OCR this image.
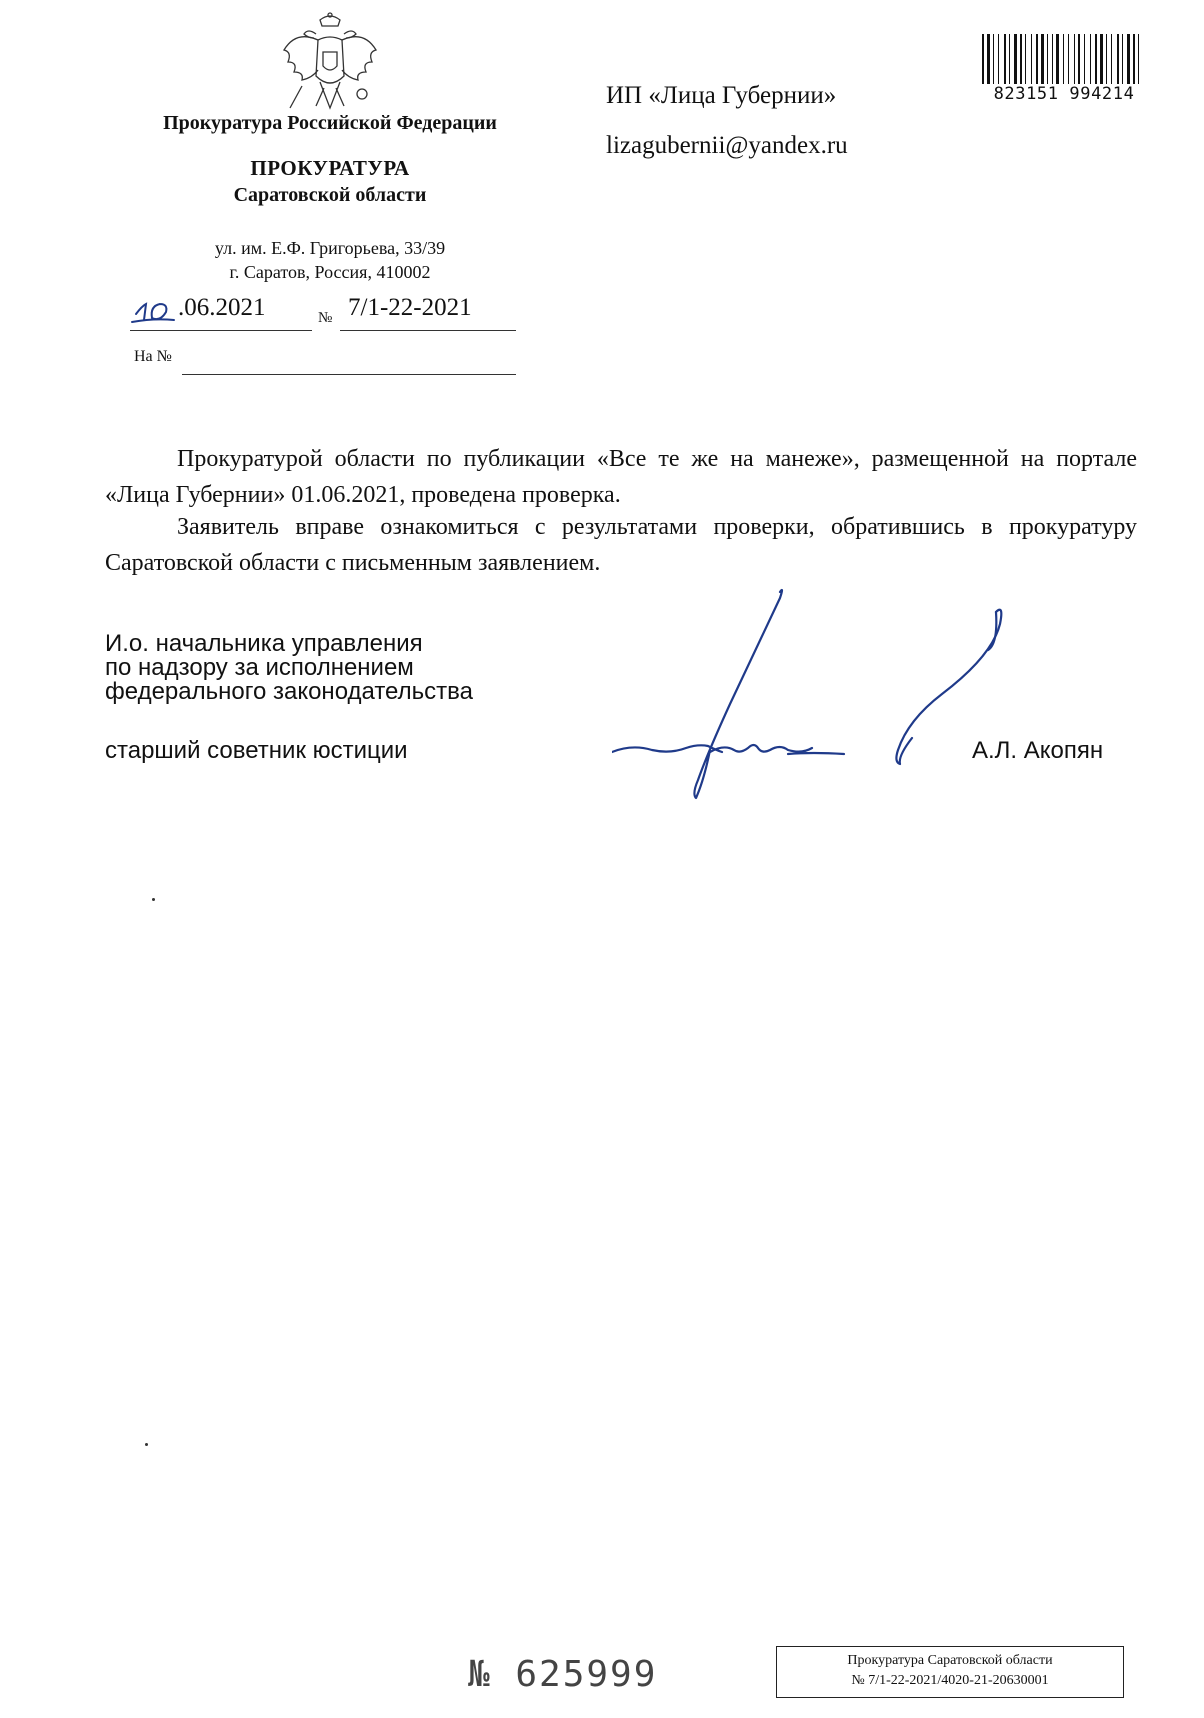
Прокуратура Российской Федерации
ПРОКУРАТУРА
Саратовской области
ул. им. Е.Ф. Григорьева, 33/39
г. Саратов, Россия, 410002
.06.2021	№ 7/1-22-2021
На №
ИП «Лица Губернии»
lizagubernii@yandex.ru
823151 994214
Прокуратурой области по публикации «Все те же на манеже», размещенной на портале «Лица Губернии» 01.06.2021, проведена проверка.
Заявитель вправе ознакомиться с результатами проверки, обратившись в прокуратуру Саратовской области с письменным заявлением.
И.о. начальника управления
по надзору за исполнением
федерального законодательства
старший советник юстиции	А.Л. Акопян
№ 625999	Прокуратура Саратовской области
№ 7/1-22-2021/4020-21-20630001
